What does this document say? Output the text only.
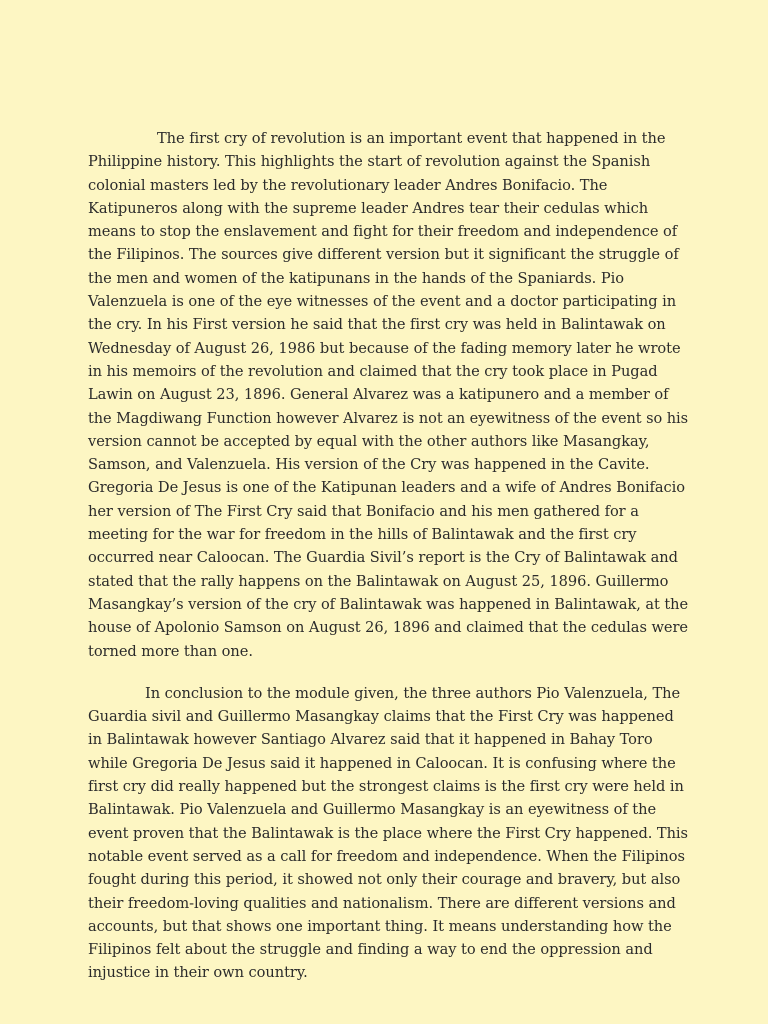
The first cry of revolution is an important event that happened in the
Philippine history. This highlights the start of revolution against the Spanish
colonial masters led by the revolutionary leader Andres Bonifacio. The
Katipuneros along with the supreme leader Andres tear their cedulas which
means to stop the enslavement and fight for their freedom and independence of
the Filipinos. The sources give different version but it significant the struggle of
the men and women of the katipunans in the hands of the Spaniards. Pio
Valenzuela is one of the eye witnesses of the event and a doctor participating in
the cry. In his First version he said that the first cry was held in Balintawak on
Wednesday of August 26, 1986 but because of the fading memory later he wrote
in his memoirs of the revolution and claimed that the cry took place in Pugad
Lawin on August 23, 1896. General Alvarez was a katipunero and a member of
the Magdiwang Function however Alvarez is not an eyewitness of the event so his
version cannot be accepted by equal with the other authors like Masangkay,
Samson, and Valenzuela. His version of the Cry was happened in the Cavite.
Gregoria De Jesus is one of the Katipunan leaders and a wife of Andres Bonifacio
her version of The First Cry said that Bonifacio and his men gathered for a
meeting for the war for freedom in the hills of Balintawak and the first cry
occurred near Caloocan. The Guardia Sivil’s report is the Cry of Balintawak and
stated that the rally happens on the Balintawak on August 25, 1896. Guillermo
Masangkay’s version of the cry of Balintawak was happened in Balintawak, at the
house of Apolonio Samson on August 26, 1896 and claimed that the cedulas were
torned more than one.
In conclusion to the module given, the three authors Pio Valenzuela, The
Guardia sivil and Guillermo Masangkay claims that the First Cry was happened
in Balintawak however Santiago Alvarez said that it happened in Bahay Toro
while Gregoria De Jesus said it happened in Caloocan. It is confusing where the
first cry did really happened but the strongest claims is the first cry were held in
Balintawak. Pio Valenzuela and Guillermo Masangkay is an eyewitness of the
event proven that the Balintawak is the place where the First Cry happened. This
notable event served as a call for freedom and independence. When the Filipinos
fought during this period, it showed not only their courage and bravery, but also
their freedom-loving qualities and nationalism. There are different versions and
accounts, but that shows one important thing. It means understanding how the
Filipinos felt about the struggle and finding a way to end the oppression and
injustice in their own country.
